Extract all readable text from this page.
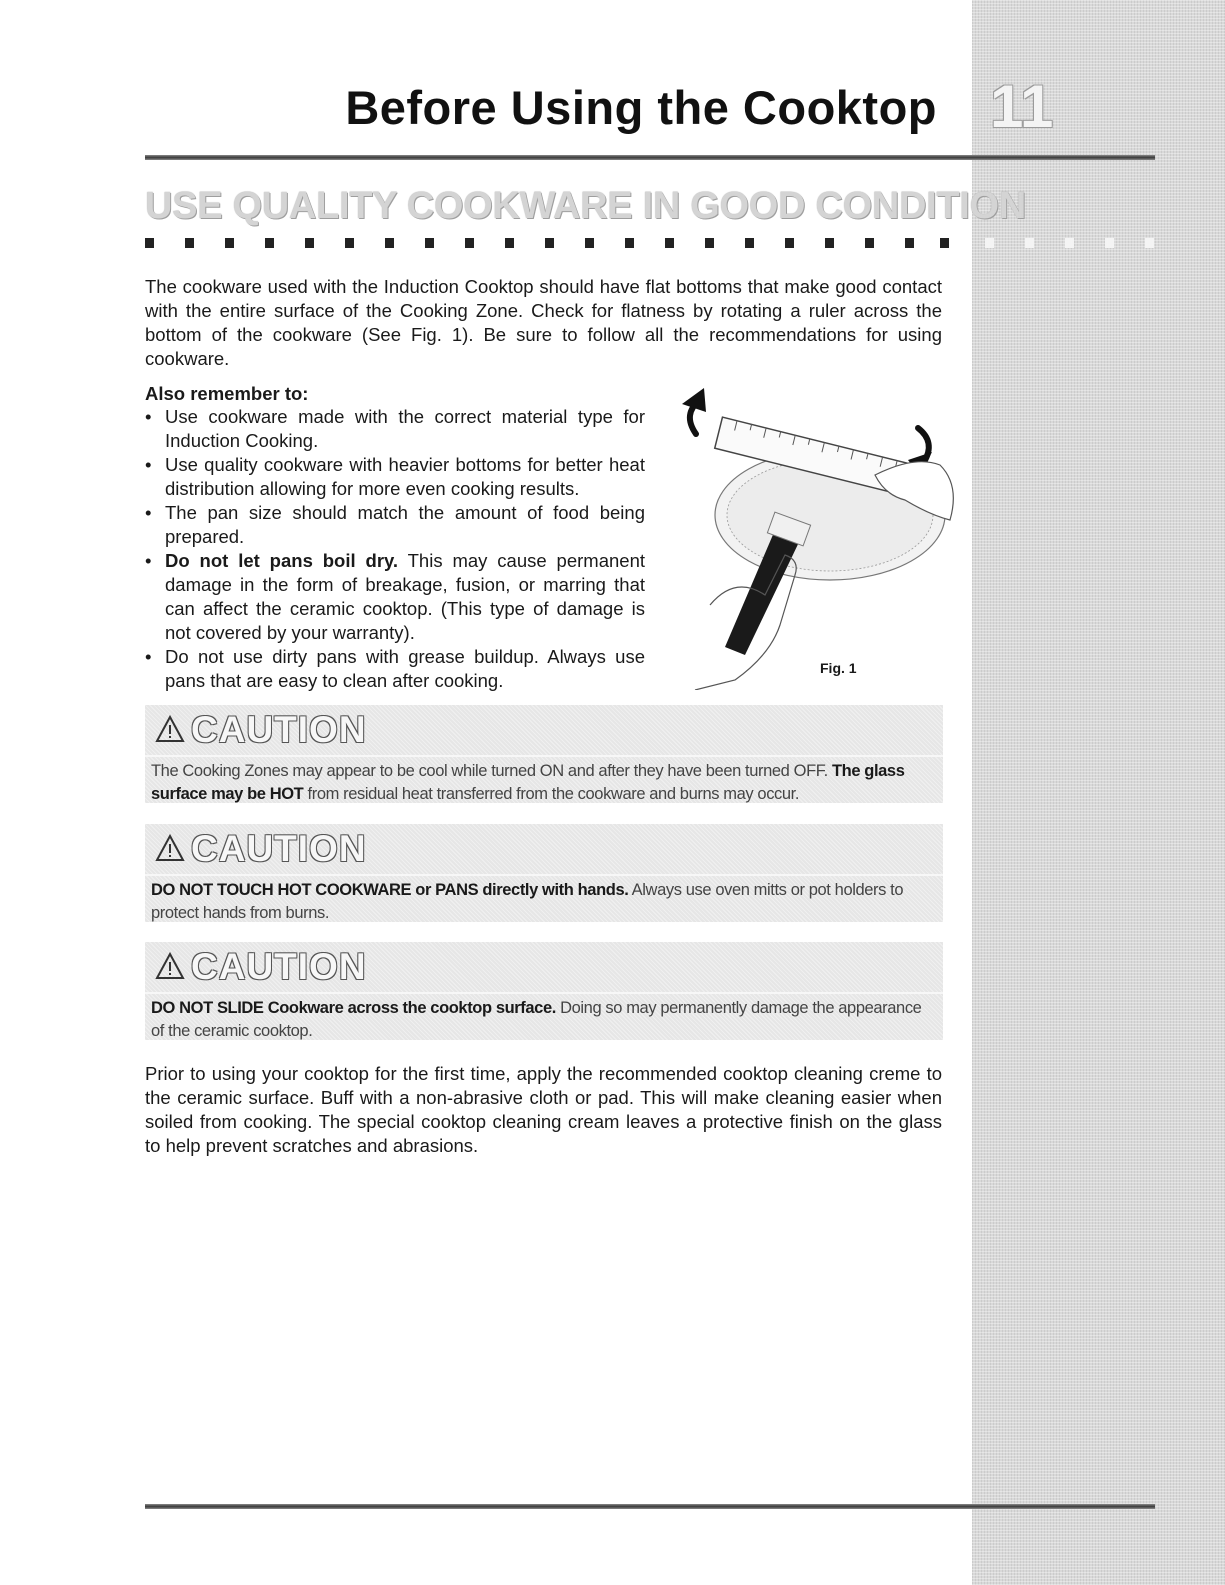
Before Using the Cooktop 11
USE QUALITY COOKWARE IN GOOD CONDITION

The cookware used with the Induction Cooktop should have flat bottoms that make good contact with the entire surface of the Cooking Zone. Check for flatness by rotating a ruler across the bottom of the cookware (See Fig. 1). Be sure to follow all the recommendations for using cookware.

Also remember to:

• Use cookware made with the correct material type for Induction Cooking.
• Use quality cookware with heavier bottoms for better heat distribution allowing for more even cooking results.
• The pan size should match the amount of food being prepared.
• Do not let pans boil dry. This may cause permanent damage in the form of breakage, fusion, or marring that can affect the ceramic cooktop. (This type of damage is not covered by your warranty).
• Do not use dirty pans with grease buildup. Always use pans that are easy to clean after cooking.

Fig. 1

CAUTION
The Cooking Zones may appear to be cool while turned ON and after they have been turned OFF. The glass surface may be HOT from residual heat transferred from the cookware and burns may occur.
CAUTION
DO NOT TOUCH HOT COOKWARE or PANS directly with hands. Always use oven mitts or pot holders to protect hands from burns.
CAUTION
DO NOT SLIDE Cookware across the cooktop surface. Doing so may permanently damage the appearance of the ceramic cooktop.

Prior to using your cooktop for the first time, apply the recommended cooktop cleaning creme to the ceramic surface. Buff with a non-abrasive cloth or pad. This will make cleaning easier when soiled from cooking. The special cooktop cleaning cream leaves a protective finish on the glass to help prevent scratches and abrasions.
